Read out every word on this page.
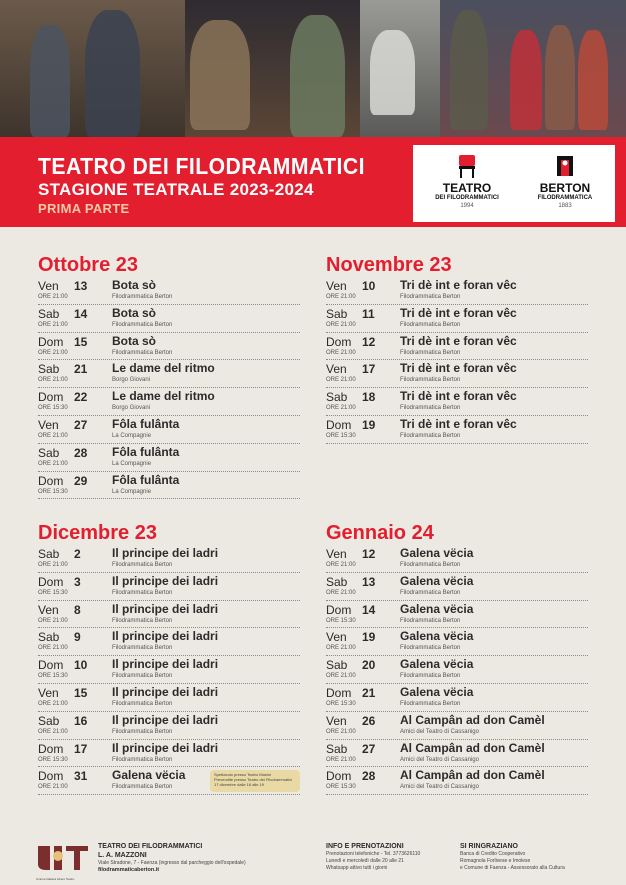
TEATRO DEI FILODRAMMATICI
STAGIONE TEATRALE 2023-2024
PRIMA PARTE
TEATRO
DEI FILODRAMMATICI
1994
BERTON
FILODRAMMATICA
1883
Ottobre 23
Ven 13
ORE 21:00
Bota sò
Filodrammatica Berton
Sab 14
ORE 21:00
Bota sò
Filodrammatica Berton
Dom 15
ORE 21:00
Bota sò
Filodrammatica Berton
Sab 21
ORE 21:00
Le dame del ritmo
Borgo Giovani
Dom 22
ORE 15:30
Le dame del ritmo
Borgo Giovani
Ven 27
ORE 21:00
Fôla fulânta
La Compagnie
Sab 28
ORE 21:00
Fôla fulânta
La Compagnie
Dom 29
ORE 15:30
Fôla fulânta
La Compagnie
Novembre 23
Ven 10
ORE 21:00
Tri dè int e foran vêc
Filodrammatica Berton
Sab 11
ORE 21:00
Tri dè int e foran vêc
Filodrammatica Berton
Dom 12
ORE 21:00
Tri dè int e foran vêc
Filodrammatica Berton
Ven 17
ORE 21:00
Tri dè int e foran vêc
Filodrammatica Berton
Sab 18
ORE 21:00
Tri dè int e foran vêc
Filodrammatica Berton
Dom 19
ORE 15:30
Tri dè int e foran vêc
Filodrammatica Berton
Dicembre 23
Sab 2
ORE 21:00
Il principe dei ladri
Filodrammatica Berton
Dom 3
ORE 15:30
Il principe dei ladri
Filodrammatica Berton
Ven 8
ORE 21:00
Il principe dei ladri
Filodrammatica Berton
Sab 9
ORE 21:00
Il principe dei ladri
Filodrammatica Berton
Dom 10
ORE 15:30
Il principe dei ladri
Filodrammatica Berton
Ven 15
ORE 21:00
Il principe dei ladri
Filodrammatica Berton
Sab 16
ORE 21:00
Il principe dei ladri
Filodrammatica Berton
Dom 17
ORE 15:30
Il principe dei ladri
Filodrammatica Berton
Dom 31
ORE 21:00
Galena vëcia
Filodrammatica Berton
Gennaio 24
Ven 12
ORE 21:00
Galena vëcia
Filodrammatica Berton
Sab 13
ORE 21:00
Galena vëcia
Filodrammatica Berton
Dom 14
ORE 15:30
Galena vëcia
Filodrammatica Berton
Ven 19
ORE 21:00
Galena vëcia
Filodrammatica Berton
Sab 20
ORE 21:00
Galena vëcia
Filodrammatica Berton
Dom 21
ORE 15:30
Galena vëcia
Filodrammatica Berton
Ven 26
ORE 21:00
Al Campân ad don Camèl
Amici del Teatro di Cassanigo
Sab 27
ORE 21:00
Al Campân ad don Camèl
Amici del Teatro di Cassanigo
Dom 28
ORE 15:30
Al Campân ad don Camèl
Amici del Teatro di Cassanigo
Spettacolo presso Teatro Masini
Prevendite presso Teatro dei Filodrammatici
17 dicembre dalle 16 alle 19
Unione Italiana Libero Teatro
TEATRO DEI FILODRAMMATICI
L. A. MAZZONI
Viale Stradone, 7 - Faenza (ingresso dal parcheggio dell'ospedale)
filodrammaticaberton.it
INFO E PRENOTAZIONI
Prenotazioni telefoniche - Tel. 3773626110
Lunedì e mercoledì dalle 20 alle 21
Whatsapp attivo tutti i giorni
SI RINGRAZIANO
Banca di Credito Cooperativo
Romagnola Forlivese e Imolese
e Comune di Faenza - Assessorato alla Cultura
